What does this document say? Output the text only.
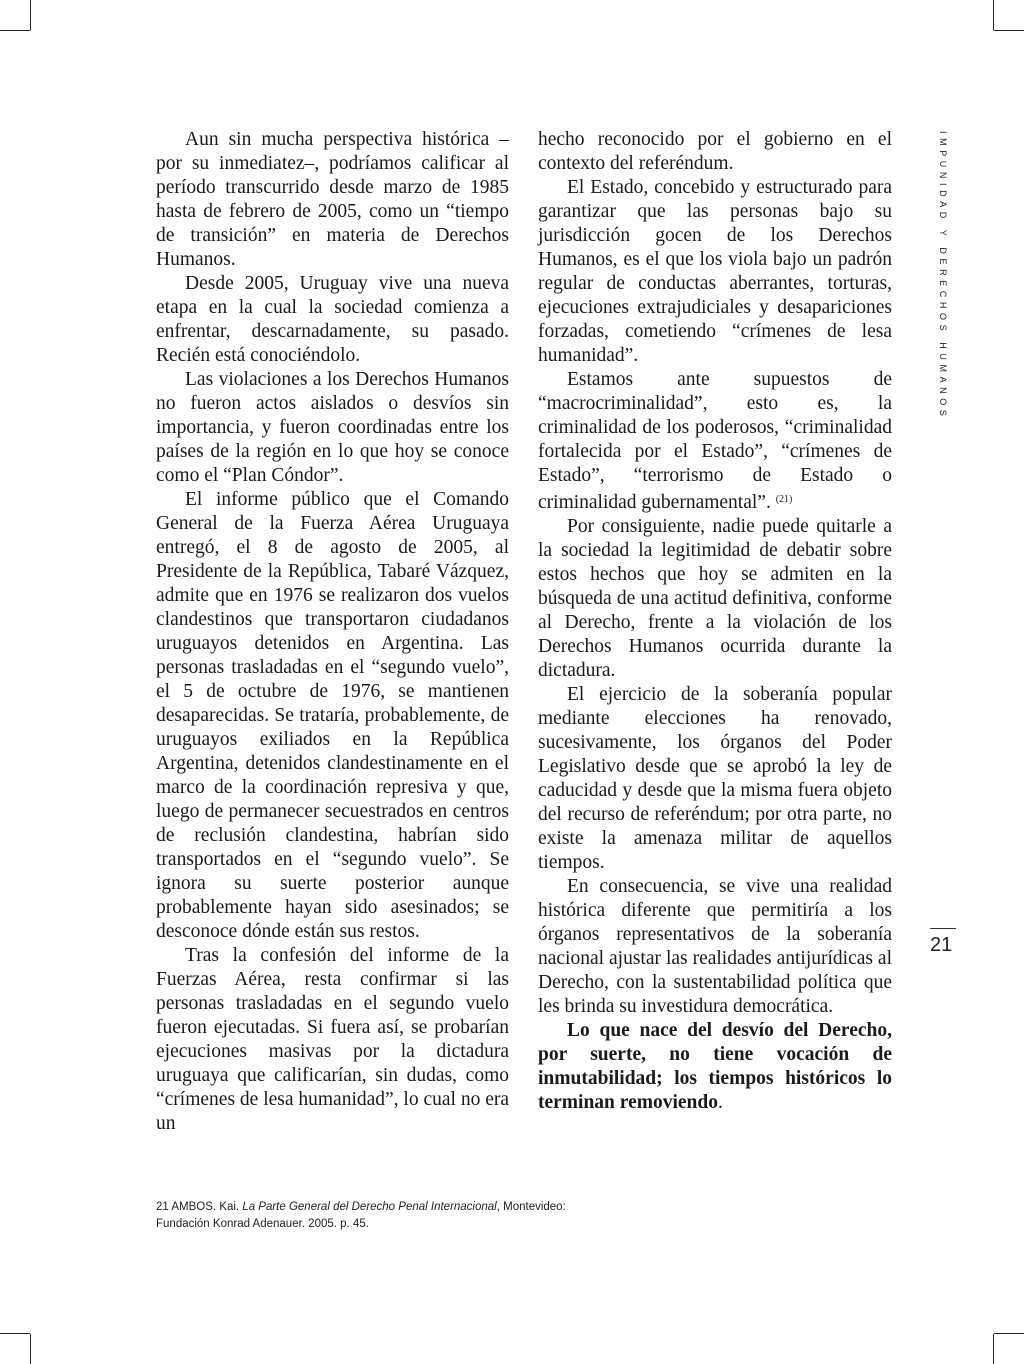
Aun sin mucha perspectiva histórica –por su inmediatez–, podríamos calificar al período transcurrido desde marzo de 1985 hasta de febrero de 2005, como un “tiempo de transición” en materia de Derechos Humanos.

Desde 2005, Uruguay vive una nueva etapa en la cual la sociedad comienza a enfrentar, descarnadamente, su pasado. Recién está conociéndolo.

Las violaciones a los Derechos Humanos no fueron actos aislados o desvíos sin importancia, y fueron coordinadas entre los países de la región en lo que hoy se conoce como el “Plan Cóndor”.

El informe público que el Comando General de la Fuerza Aérea Uruguaya entregó, el 8 de agosto de 2005, al Presidente de la República, Tabaré Vázquez, admite que en 1976 se realizaron dos vuelos clandestinos que transportaron ciudadanos uruguayos detenidos en Argentina. Las personas trasladadas en el “segundo vuelo”, el 5 de octubre de 1976, se mantienen desaparecidas. Se trataría, probablemente, de uruguayos exiliados en la República Argentina, detenidos clandestinamente en el marco de la coordinación represiva y que, luego de permanecer secuestrados en centros de reclusión clandestina, habrían sido transportados en el “segundo vuelo”. Se ignora su suerte posterior aunque probablemente hayan sido asesinados; se desconoce dónde están sus restos.

Tras la confesión del informe de la Fuerzas Aérea, resta confirmar si las personas trasladadas en el segundo vuelo fueron ejecutadas. Si fuera así, se probarían ejecuciones masivas por la dictadura uruguaya que calificarían, sin dudas, como “crímenes de lesa humanidad”, lo cual no era un

hecho reconocido por el gobierno en el contexto del referéndum.

El Estado, concebido y estructurado para garantizar que las personas bajo su jurisdicción gocen de los Derechos Humanos, es el que los viola bajo un padrón regular de conductas aberrantes, torturas, ejecuciones extrajudiciales y desapariciones forzadas, cometiendo “crímenes de lesa humanidad”.

Estamos ante supuestos de “macrocriminalidad”, esto es, la criminalidad de los poderosos, “criminalidad fortalecida por el Estado”, “crímenes de Estado”, “terrorismo de Estado o criminalidad gubernamental”. $^{(21)}$

Por consiguiente, nadie puede quitarle a la sociedad la legitimidad de debatir sobre estos hechos que hoy se admiten en la búsqueda de una actitud definitiva, conforme al Derecho, frente a la violación de los Derechos Humanos ocurrida durante la dictadura.

El ejercicio de la soberanía popular mediante elecciones ha renovado, sucesivamente, los órganos del Poder Legislativo desde que se aprobó la ley de caducidad y desde que la misma fuera objeto del recurso de referéndum; por otra parte, no existe la amenaza militar de aquellos tiempos.

En consecuencia, se vive una realidad histórica diferente que permitiría a los órganos representativos de la soberanía nacional ajustar las realidades antijurídicas al Derecho, con la sustentabilidad política que les brinda su investidura democrática.

Lo que nace del desvío del Derecho, por suerte, no tiene vocación de inmutabilidad; los tiempos históricos lo terminan removiendo.

IMPUNIDAD Y DERECHOS HUMANOS
21
21 AMBOS. Kai. La Parte General del Derecho Penal Internacional, Montevideo: Fundación Konrad Adenauer. 2005. p. 45.
